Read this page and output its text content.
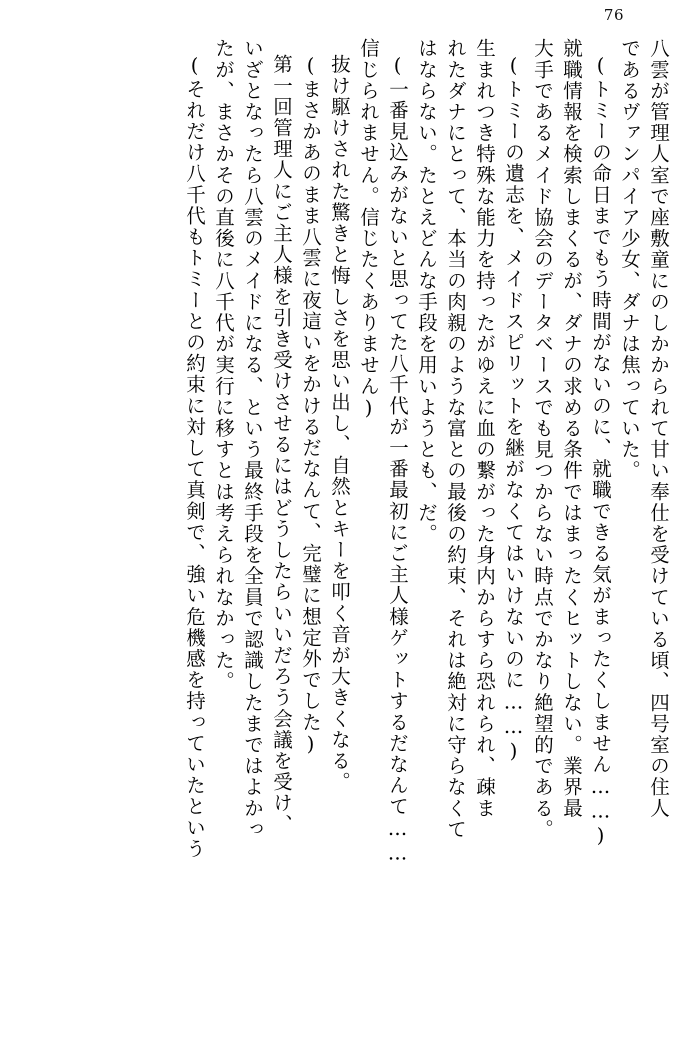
76
八雲が管理人室で座敷童にのしかかられて甘い奉仕を受けている頃、四号室の住人
であるヴァンパイア少女、ダナは焦っていた。
(トミーの命日までもう時間がないのに、就職できる気がまったくしません……)
就職情報を検索しまくるが、ダナの求める条件ではまったくヒットしない。業界最
大手であるメイド協会のデータベースでも見つからない時点でかなり絶望的である。
(トミーの遺志を、メイドスピリットを継がなくてはいけないのに……)
生まれつき特殊な能力を持ったがゆえに血の繋がった身内からすら恐れられ、疎ま
れたダナにとって、本当の肉親のような富との最後の約束、それは絶対に守らなくて
はならない。たとえどんな手段を用いようとも、だ。
(一番見込みがないと思ってた八千代が一番最初にご主人様ゲットするだなんて……
信じられません。信じたくありません)
抜け駆けされた驚きと悔しさを思い出し、自然とキーを叩く音が大きくなる。
(まさかあのまま八雲に夜這いをかけるだなんて、完璧に想定外でした)
第一回管理人にご主人様を引き受けさせるにはどうしたらいいだろう会議を受け、
いざとなったら八雲のメイドになる、という最終手段を全員で認識したまではよかっ
たが、まさかその直後に八千代が実行に移すとは考えられなかった。
(それだけ八千代もトミーとの約束に対して真剣で、強い危機感を持っていたという
